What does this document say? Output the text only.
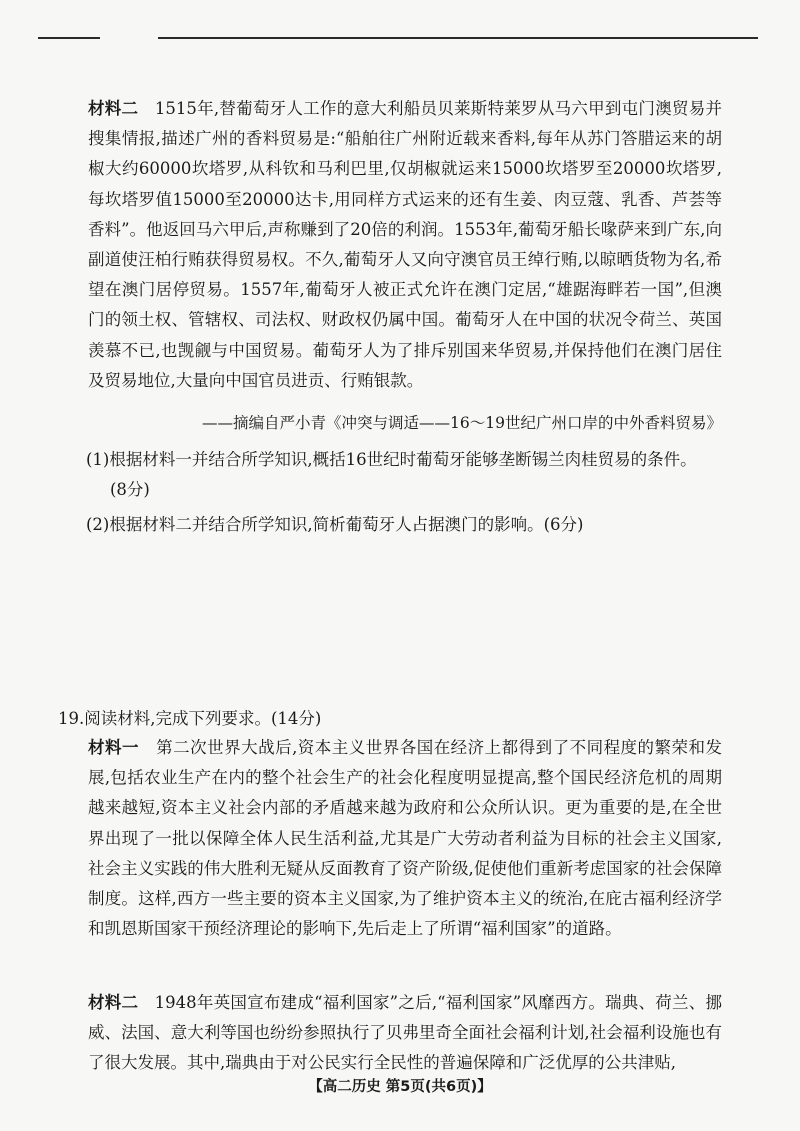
材料二 1515年,替葡萄牙人工作的意大利船员贝莱斯特莱罗从马六甲到屯门澳贸易并搜集情报,描述广州的香料贸易是:“船舶往广州附近载来香料,每年从苏门答腊运来的胡椒大约60000坎塔罗,从科钦和马利巴里,仅胡椒就运来15000坎塔罗至20000坎塔罗,每坎塔罗值15000至20000达卡,用同样方式运来的还有生姜、肉豆蔻、乳香、芦荟等香料”。他返回马六甲后,声称赚到了20倍的利润。1553年,葡萄牙船长喙萨来到广东,向副道使汪柏行贿获得贸易权。不久,葡萄牙人又向守澳官员王绰行贿,以晾晒货物为名,希望在澳门居停贸易。1557年,葡萄牙人被正式允许在澳门定居,“雄踞海畔若一国”,但澳门的领土权、管辖权、司法权、财政权仍属中国。葡萄牙人在中国的状况令荷兰、英国羡慕不已,也觊觎与中国贸易。葡萄牙人为了排斥别国来华贸易,并保持他们在澳门居住及贸易地位,大量向中国官员进贡、行贿银款。

——摘编自严小青《冲突与调适——16～19世纪广州口岸的中外香料贸易》

(1)根据材料一并结合所学知识,概括16世纪时葡萄牙能够垄断锡兰肉桂贸易的条件。

(8分)

(2)根据材料二并结合所学知识,简析葡萄牙人占据澳门的影响。(6分)

19.阅读材料,完成下列要求。(14分)

材料一 第二次世界大战后,资本主义世界各国在经济上都得到了不同程度的繁荣和发展,包括农业生产在内的整个社会生产的社会化程度明显提高,整个国民经济危机的周期越来越短,资本主义社会内部的矛盾越来越为政府和公众所认识。更为重要的是,在全世界出现了一批以保障全体人民生活利益,尤其是广大劳动者利益为目标的社会主义国家,社会主义实践的伟大胜利无疑从反面教育了资产阶级,促使他们重新考虑国家的社会保障制度。这样,西方一些主要的资本主义国家,为了维护资本主义的统治,在庇古福利经济学和凯恩斯国家干预经济理论的影响下,先后走上了所谓“福利国家”的道路。

材料二 1948年英国宣布建成“福利国家”之后,“福利国家”风靡西方。瑞典、荷兰、挪威、法国、意大利等国也纷纷参照执行了贝弗里奇全面社会福利计划,社会福利设施也有了很大发展。其中,瑞典由于对公民实行全民性的普遍保障和广泛优厚的公共津贴,

【高二历史 第5页(共6页)】
